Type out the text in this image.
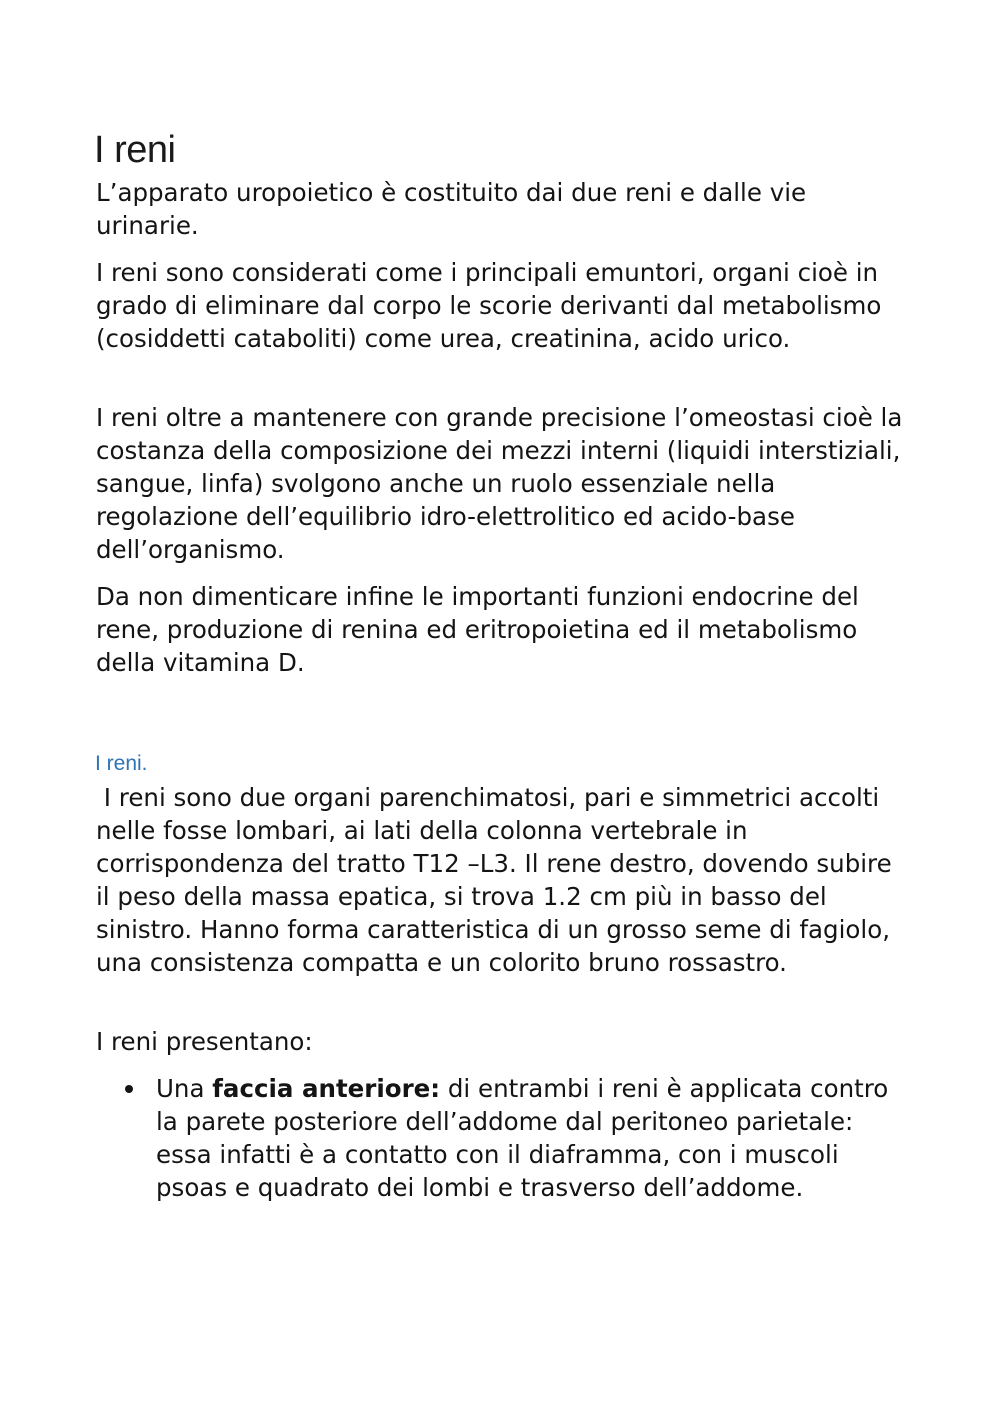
I reni

L’apparato uropoietico è costituito dai due reni e dalle vie urinarie.

I reni sono considerati come i principali emuntori, organi cioè in grado di eliminare dal corpo le scorie derivanti dal metabolismo (cosiddetti cataboliti) come urea, creatinina, acido urico.

I reni oltre a mantenere con grande precisione l’omeostasi cioè la costanza della composizione dei mezzi interni (liquidi interstiziali, sangue, linfa) svolgono anche un ruolo essenziale nella regolazione dell’equilibrio idro-elettrolitico ed acido-base dell’organismo.

Da non dimenticare infine le importanti funzioni endocrine del rene, produzione di renina ed eritropoietina ed il metabolismo della vitamina D.

I reni.

I reni sono due organi parenchimatosi, pari e simmetrici accolti nelle fosse lombari, ai lati della colonna vertebrale in corrispondenza del tratto T12 –L3. Il rene destro, dovendo subire il peso della massa epatica, si trova 1.2 cm più in basso del sinistro. Hanno forma caratteristica di un grosso seme di fagiolo, una consistenza compatta e un colorito bruno rossastro.

I reni presentano:

Una faccia anteriore: di entrambi i reni è applicata contro la parete posteriore dell’addome dal peritoneo parietale: essa infatti è a contatto con il diaframma, con i muscoli psoas e quadrato dei lombi e trasverso dell’addome.
